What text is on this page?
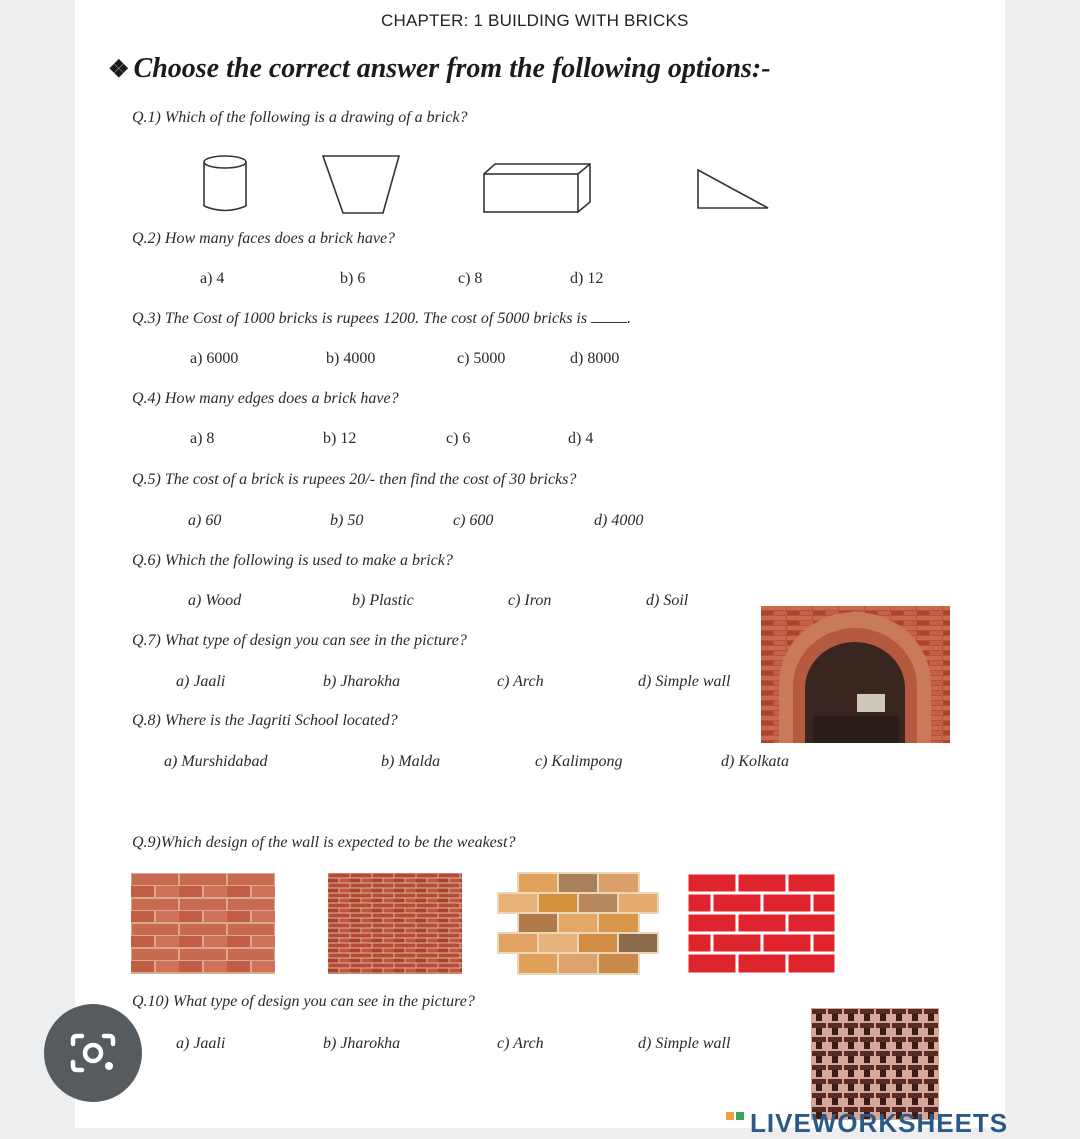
CHAPTER: 1 BUILDING WITH BRICKS
❖ Choose the correct answer from the following options:-
Q.1) Which of the following is a drawing of a brick?
Q.2) How many faces does a brick have?
a) 4	b) 6	c) 8	d) 12
Q.3) The Cost of 1000 bricks is rupees 1200. The cost of 5000 bricks is	.
a) 6000	b) 4000	c) 5000	d) 8000
Q.4) How many edges does a brick have?
a) 8	b) 12	c) 6	d) 4
Q.5) The cost of a brick is rupees 20/- then find the cost of 30 bricks?
a) 60	b) 50	c) 600	d) 4000
Q.6) Which the following is used to make a brick?
a) Wood	b) Plastic	c) Iron	d) Soil
Q.7) What type of design you can see in the picture?
a) Jaali	b) Jharokha	c) Arch	d) Simple wall
Q.8) Where is the Jagriti School located?
a) Murshidabad	b) Malda	c) Kalimpong	d) Kolkata
Q.9)Which design of the wall is expected to be the weakest?
Q.10) What type of design you can see in the picture?
a) Jaali	b) Jharokha	c) Arch	d) Simple wall
LIVEWORKSHEETS
